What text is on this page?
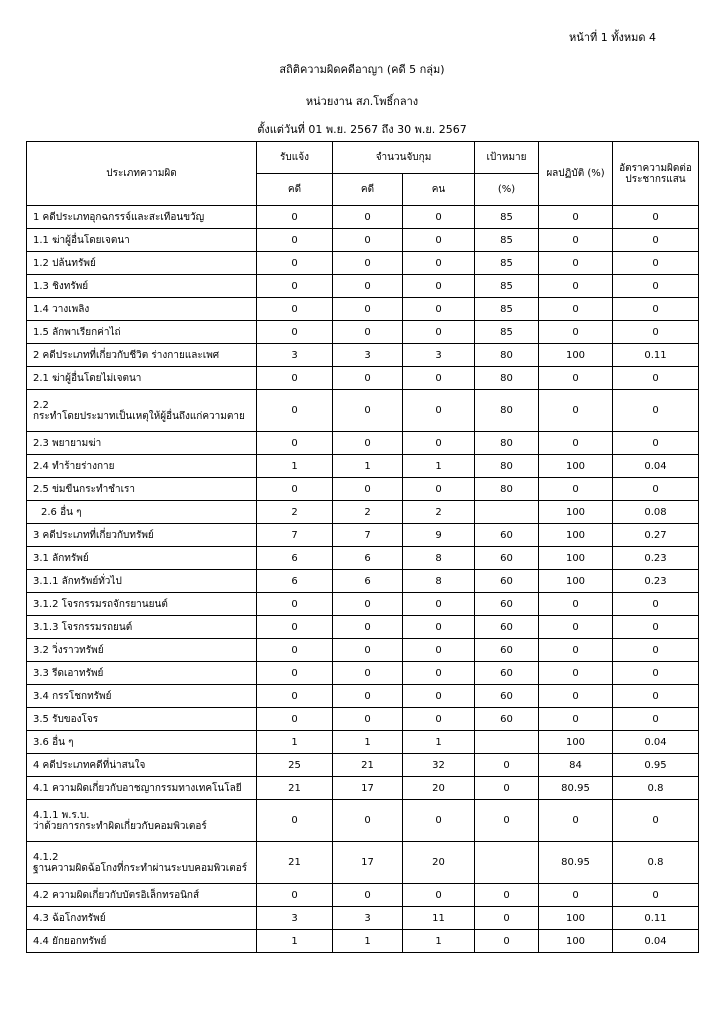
หน้าที่ 1 ทั้งหมด 4
สถิติความผิดคดีอาญา (คดี 5 กลุ่ม)
หน่วยงาน สภ.โพธิ์กลาง
ตั้งแต่วันที่ 01 พ.ย. 2567 ถึง 30 พ.ย. 2567
ประเภทความผิด	รับแจ้ง	จำนวนจับกุม		เป้าหมาย	ผลปฏิบัติ (%)	อัตราความผิดต่อประชากรแสน
	คดี	คดี	คน	(%)		

1 คดีประเภทอุกฉกรรจ์และสะเทือนขวัญ	0	0	0	85	0	0

1.1 ฆ่าผู้อื่นโดยเจตนา	0	0	0	85	0	0

1.2 ปล้นทรัพย์	0	0	0	85	0	0

1.3 ชิงทรัพย์	0	0	0	85	0	0

1.4 วางเพลิง	0	0	0	85	0	0

1.5 ลักพาเรียกค่าไถ่	0	0	0	85	0	0

2 คดีประเภทที่เกี่ยวกับชีวิต ร่างกายและเพศ	3	3	3	80	100	0.11

2.1 ฆ่าผู้อื่นโดยไม่เจตนา	0	0	0	80	0	0

2.2
กระทำโดยประมาทเป็นเหตุให้ผู้อื่นถึงแก่ความตาย	0	0	0	80	0	0

2.3 พยายามฆ่า	0	0	0	80	0	0

2.4 ทำร้ายร่างกาย	1	1	1	80	100	0.04

2.5 ข่มขืนกระทำชำเรา	0	0	0	80	0	0

2.6 อื่น ๆ	2	2	2		100	0.08

3 คดีประเภทที่เกี่ยวกับทรัพย์	7	7	9	60	100	0.27

3.1 ลักทรัพย์	6	6	8	60	100	0.23

3.1.1 ลักทรัพย์ทั่วไป	6	6	8	60	100	0.23

3.1.2 โจรกรรมรถจักรยานยนต์	0	0	0	60	0	0

3.1.3 โจรกรรมรถยนต์	0	0	0	60	0	0

3.2 วิ่งราวทรัพย์	0	0	0	60	0	0

3.3 รีดเอาทรัพย์	0	0	0	60	0	0

3.4 กรรโชกทรัพย์	0	0	0	60	0	0

3.5 รับของโจร	0	0	0	60	0	0

3.6 อื่น ๆ	1	1	1		100	0.04

4 คดีประเภทคดีที่น่าสนใจ	25	21	32	0	84	0.95

4.1 ความผิดเกี่ยวกับอาชญากรรมทางเทคโนโลยี	21	17	20	0	80.95	0.8

4.1.1 พ.ร.บ.
ว่าด้วยการกระทำผิดเกี่ยวกับคอมพิวเตอร์	0	0	0	0	0	0

4.1.2
ฐานความผิดฉ้อโกงที่กระทำผ่านระบบคอมพิวเตอร์	21	17	20		80.95	0.8

4.2 ความผิดเกี่ยวกับบัตรอิเล็กทรอนิกส์	0	0	0	0	0	0

4.3 ฉ้อโกงทรัพย์	3	3	11	0	100	0.11

4.4 ยักยอกทรัพย์	1	1	1	0	100	0.04
